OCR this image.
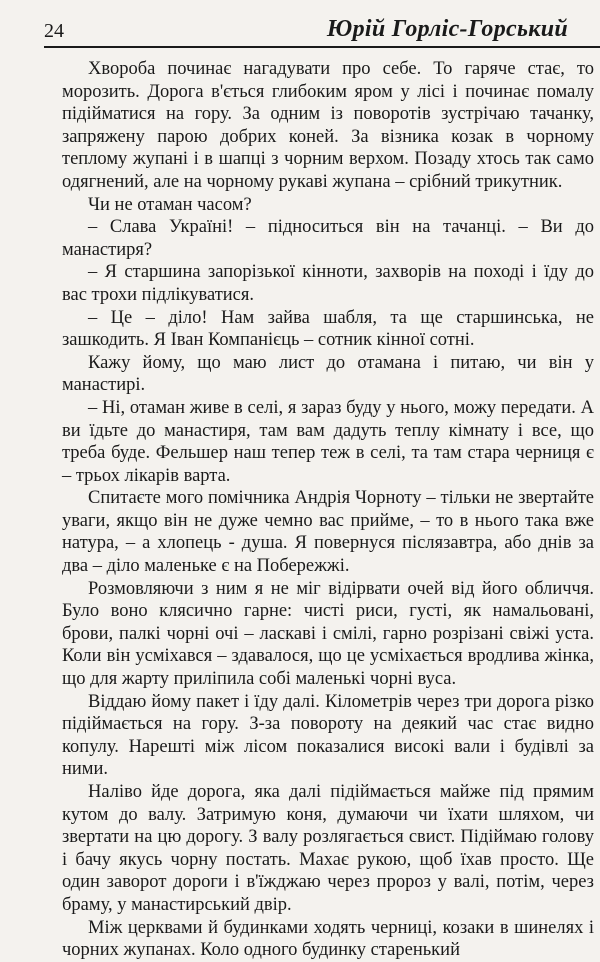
24	Юрій Горліс-Горський

Хвороба починає нагадувати про себе. То гаряче стає, то морозить. Дорога в'ється глибоким яром у лісі і починає помалу підійматися на гору. За одним із поворотів зустрічаю тачанку, запряжену парою добрих коней. За візника козак в чорному теплому жупані і в шапці з чорним верхом. Позаду хтось так само одягнений, але на чорному рукаві жупана – срібний трикутник.

Чи не отаман часом?

– Слава Україні! – підноситься він на тачанці. – Ви до манастиря?

– Я старшина запорізької кінноти, захворів на поході і їду до вас трохи підлікуватися.

– Це – діло! Нам зайва шабля, та ще старшинська, не зашкодить. Я Іван Компанієць – сотник кінної сотні.

Кажу йому, що маю лист до отамана і питаю, чи він у манастирі.

– Ні, отаман живе в селі, я зараз буду у нього, можу передати. А ви їдьте до манастиря, там вам дадуть теплу кімнату і все, що треба буде. Фельшер наш тепер теж в селі, та там стара черниця є – трьох лікарів варта.

Спитаєте мого помічника Андрія Чорноту – тільки не звертайте уваги, якщо він не дуже чемно вас прийме, – то в нього така вже натура, – а хлопець - душа. Я повернуся післязавтра, або днів за два – діло маленьке є на Побережжі.

Розмовляючи з ним я не міг відірвати очей від його обличчя. Було воно клясично гарне: чисті риси, густі, як намальовані, брови, палкі чорні очі – ласкаві і смілі, гарно розрізані свіжі уста. Коли він усміхався – здавалося, що це усміхається вродлива жінка, що для жарту приліпила собі маленькі чорні вуса.

Віддаю йому пакет і їду далі. Кілометрів через три дорога різко підіймається на гору. З-за повороту на деякий час стає видно копулу. Нарешті між лісом показалися високі вали і будівлі за ними.

Наліво йде дорога, яка далі підіймається майже під прямим кутом до валу. Затримую коня, думаючи чи їхати шляхом, чи звертати на цю дорогу. З валу розлягається свист. Підіймаю голову і бачу якусь чорну постать. Махає рукою, щоб їхав просто. Ще один заворот дороги і в'їжджаю через пророз у валі, потім, через браму, у манастирський двір.

Між церквами й будинками ходять черниці, козаки в шинелях і чорних жупанах. Коло одного будинку старенький
